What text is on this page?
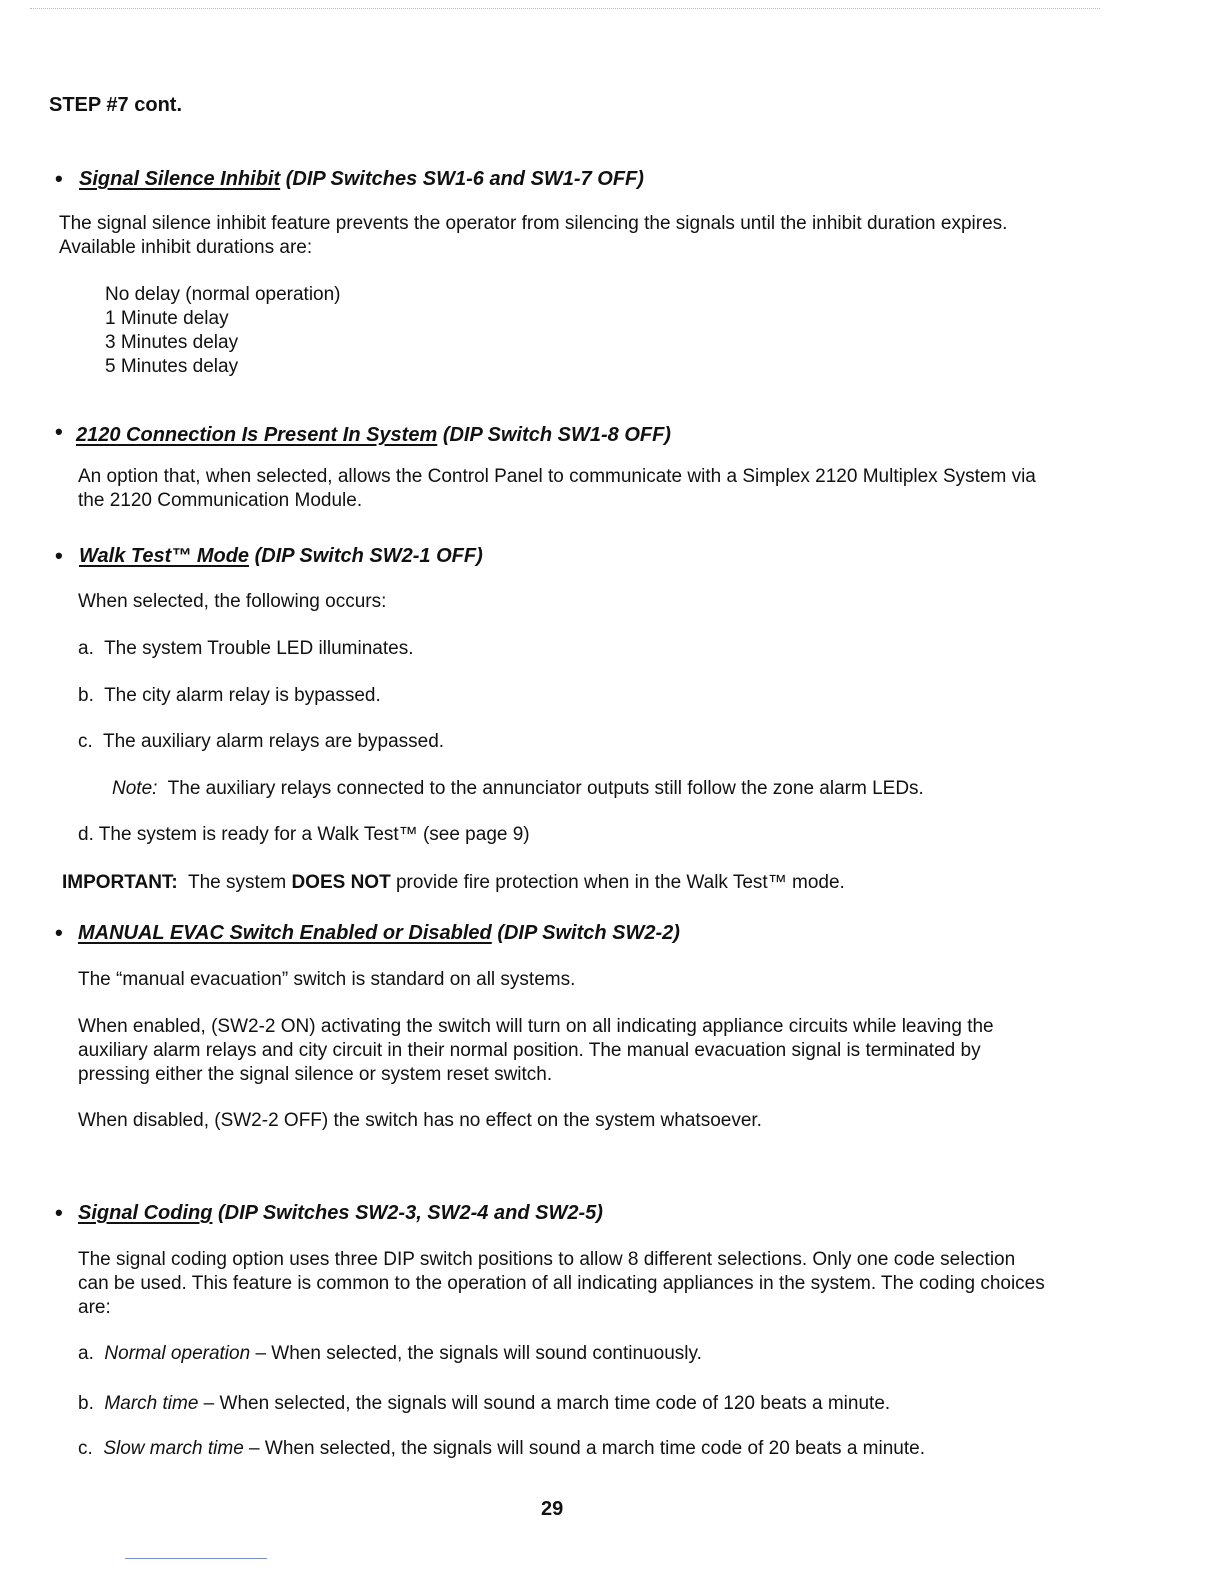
STEP #7 cont.
• Signal Silence Inhibit (DIP Switches SW1-6 and SW1-7 OFF)
The signal silence inhibit feature prevents the operator from silencing the signals until the inhibit duration expires. Available inhibit durations are:
No delay (normal operation)
1 Minute delay
3 Minutes delay
5 Minutes delay
• 2120 Connection Is Present In System (DIP Switch SW1-8 OFF)
An option that, when selected, allows the Control Panel to communicate with a Simplex 2120 Multiplex System via the 2120 Communication Module.
• Walk Test™ Mode (DIP Switch SW2-1 OFF)
When selected, the following occurs:
a. The system Trouble LED illuminates.
b. The city alarm relay is bypassed.
c. The auxiliary alarm relays are bypassed.
Note: The auxiliary relays connected to the annunciator outputs still follow the zone alarm LEDs.
d. The system is ready for a Walk Test™ (see page 9)
IMPORTANT: The system DOES NOT provide fire protection when in the Walk Test™ mode.
• MANUAL EVAC Switch Enabled or Disabled (DIP Switch SW2-2)
The “manual evacuation” switch is standard on all systems.
When enabled, (SW2-2 ON) activating the switch will turn on all indicating appliance circuits while leaving the auxiliary alarm relays and city circuit in their normal position. The manual evacuation signal is terminated by pressing either the signal silence or system reset switch.
When disabled, (SW2-2 OFF) the switch has no effect on the system whatsoever.
• Signal Coding (DIP Switches SW2-3, SW2-4 and SW2-5)
The signal coding option uses three DIP switch positions to allow 8 different selections. Only one code selection can be used. This feature is common to the operation of all indicating appliances in the system. The coding choices are:
a. Normal operation – When selected, the signals will sound continuously.
b. March time – When selected, the signals will sound a march time code of 120 beats a minute.
c. Slow march time – When selected, the signals will sound a march time code of 20 beats a minute.
29
